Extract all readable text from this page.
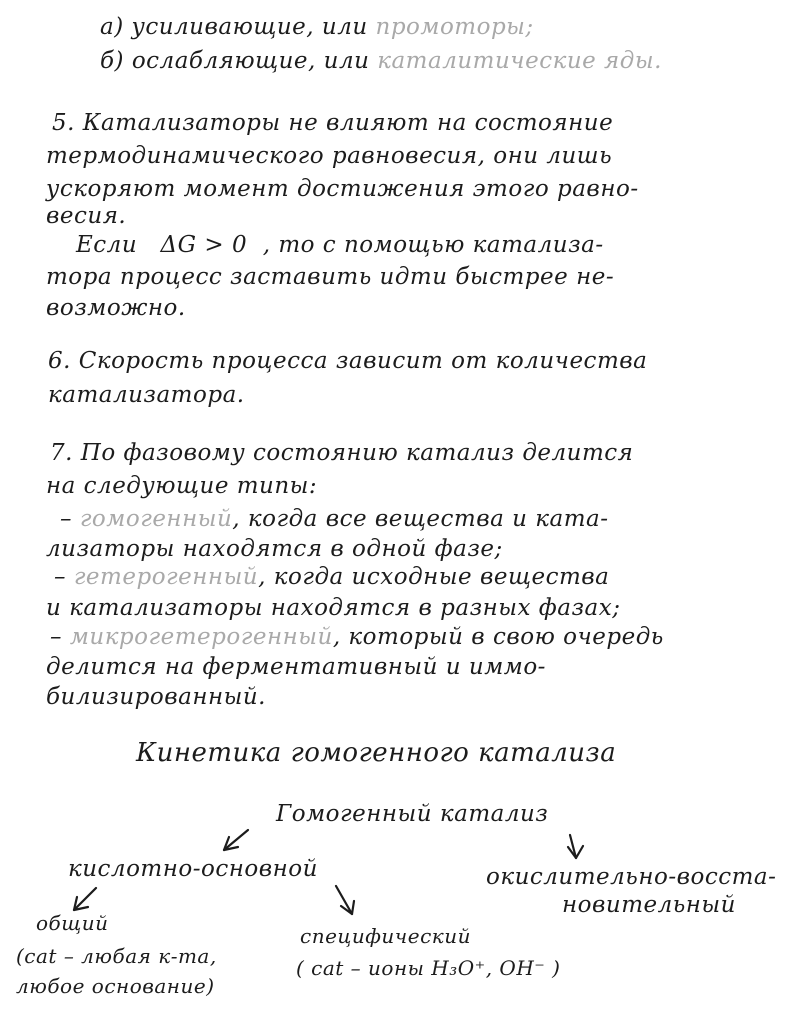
а) усиливающие, или промоторы;
б) ослабляющие, или каталитические яды.
5. Катализаторы не влияют на состояние
термодинамического равновесия, они лишь
ускоряют момент достижения этого равно-
весия.
Если   ΔG > 0  , то с помощью катализа-
тора процесс заставить идти быстрее не-
возможно.
6. Скорость процесса зависит от количества
катализатора.
7. По фазовому состоянию катализ делится
на следующие типы:
– гомогенный, когда все вещества и ката-
лизаторы находятся в одной фазе;
– гетерогенный, когда исходные вещества
и катализаторы находятся в разных фазах;
– микрогетерогенный, который в свою очередь
делится на ферментативный и иммо-
билизированный.
Кинетика гомогенного катализа
Гомогенный катализ
кислотно-основной	окислительно-восста-
новительный
общий
(cat – любая к-та,
любое основание)
специфический
( cat – ионы H₃O⁺, OH⁻ )
